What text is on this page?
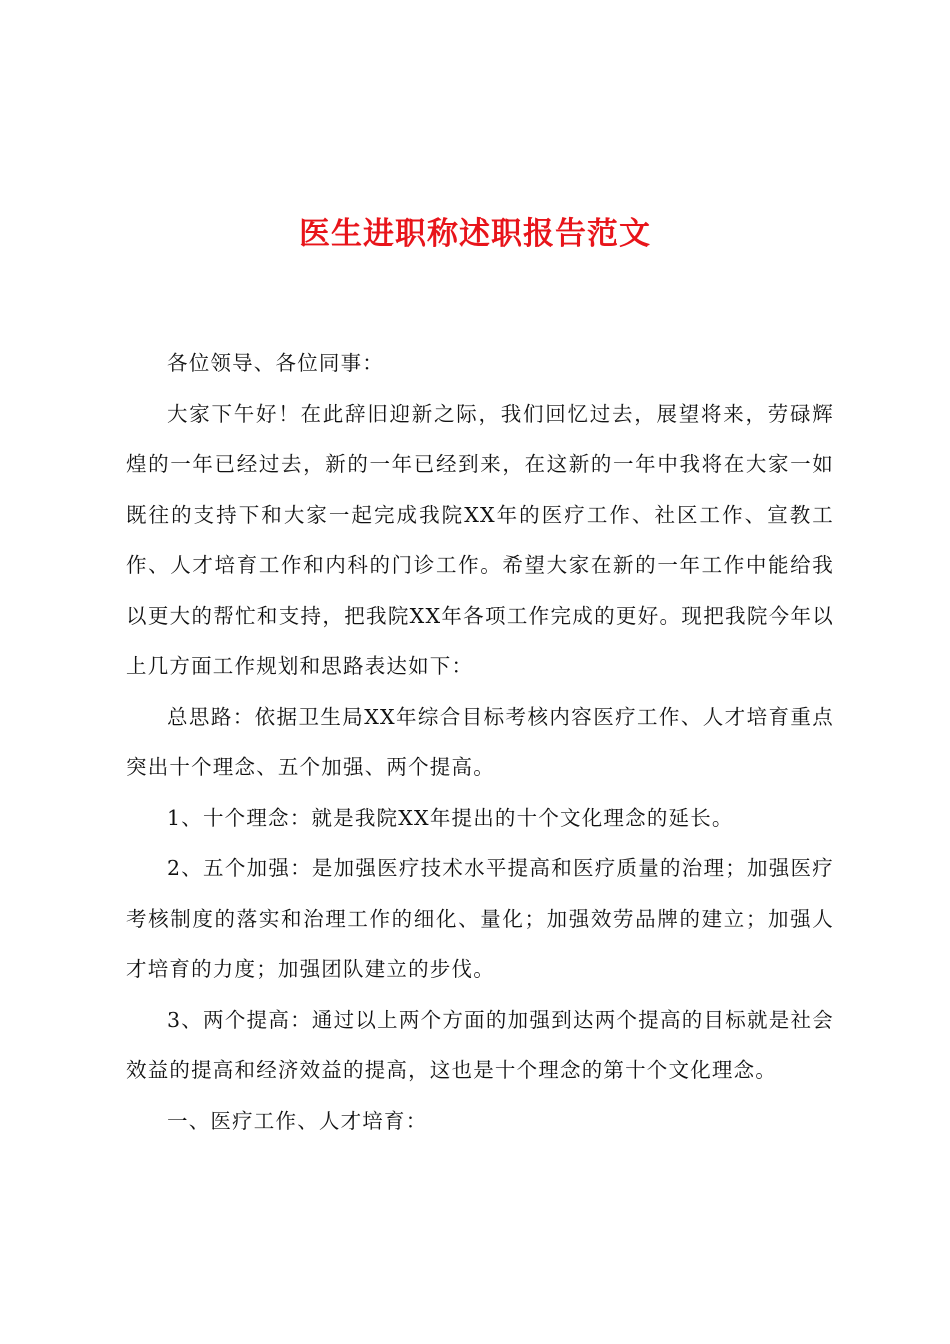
医生进职称述职报告范文

各位领导、各位同事：

大家下午好！在此辞旧迎新之际，我们回忆过去，展望将来，劳碌辉煌的一年已经过去，新的一年已经到来，在这新的一年中我将在大家一如既往的支持下和大家一起完成我院XX年的医疗工作、社区工作、宣教工作、人才培育工作和内科的门诊工作。希望大家在新的一年工作中能给我以更大的帮忙和支持，把我院XX年各项工作完成的更好。现把我院今年以上几方面工作规划和思路表达如下：

总思路：依据卫生局XX年综合目标考核内容医疗工作、人才培育重点突出十个理念、五个加强、两个提高。

1、十个理念：就是我院XX年提出的十个文化理念的延长。

2、五个加强：是加强医疗技术水平提高和医疗质量的治理；加强医疗考核制度的落实和治理工作的细化、量化；加强效劳品牌的建立；加强人才培育的力度；加强团队建立的步伐。

3、两个提高：通过以上两个方面的加强到达两个提高的目标就是社会效益的提高和经济效益的提高，这也是十个理念的第十个文化理念。

一、医疗工作、人才培育：
